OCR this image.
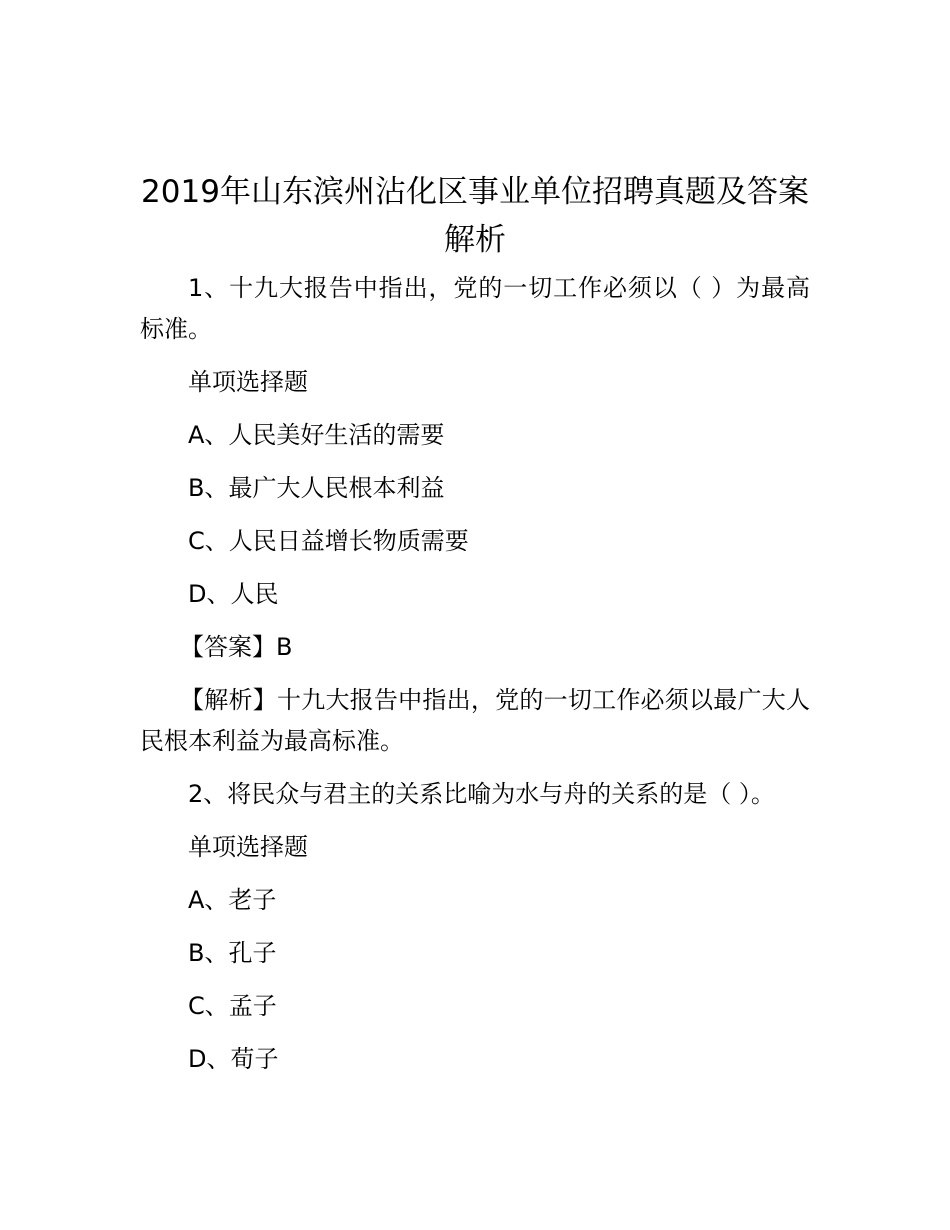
2019年山东滨州沾化区事业单位招聘真题及答案解析

1、十九大报告中指出，党的一切工作必须以（ ）为最高标准。

单项选择题

A、人民美好生活的需要

B、最广大人民根本利益

C、人民日益增长物质需要

D、人民

【答案】B

【解析】十九大报告中指出，党的一切工作必须以最广大人民根本利益为最高标准。

2、将民众与君主的关系比喻为水与舟的关系的是（ ）。

单项选择题

A、老子

B、孔子

C、孟子

D、荀子
